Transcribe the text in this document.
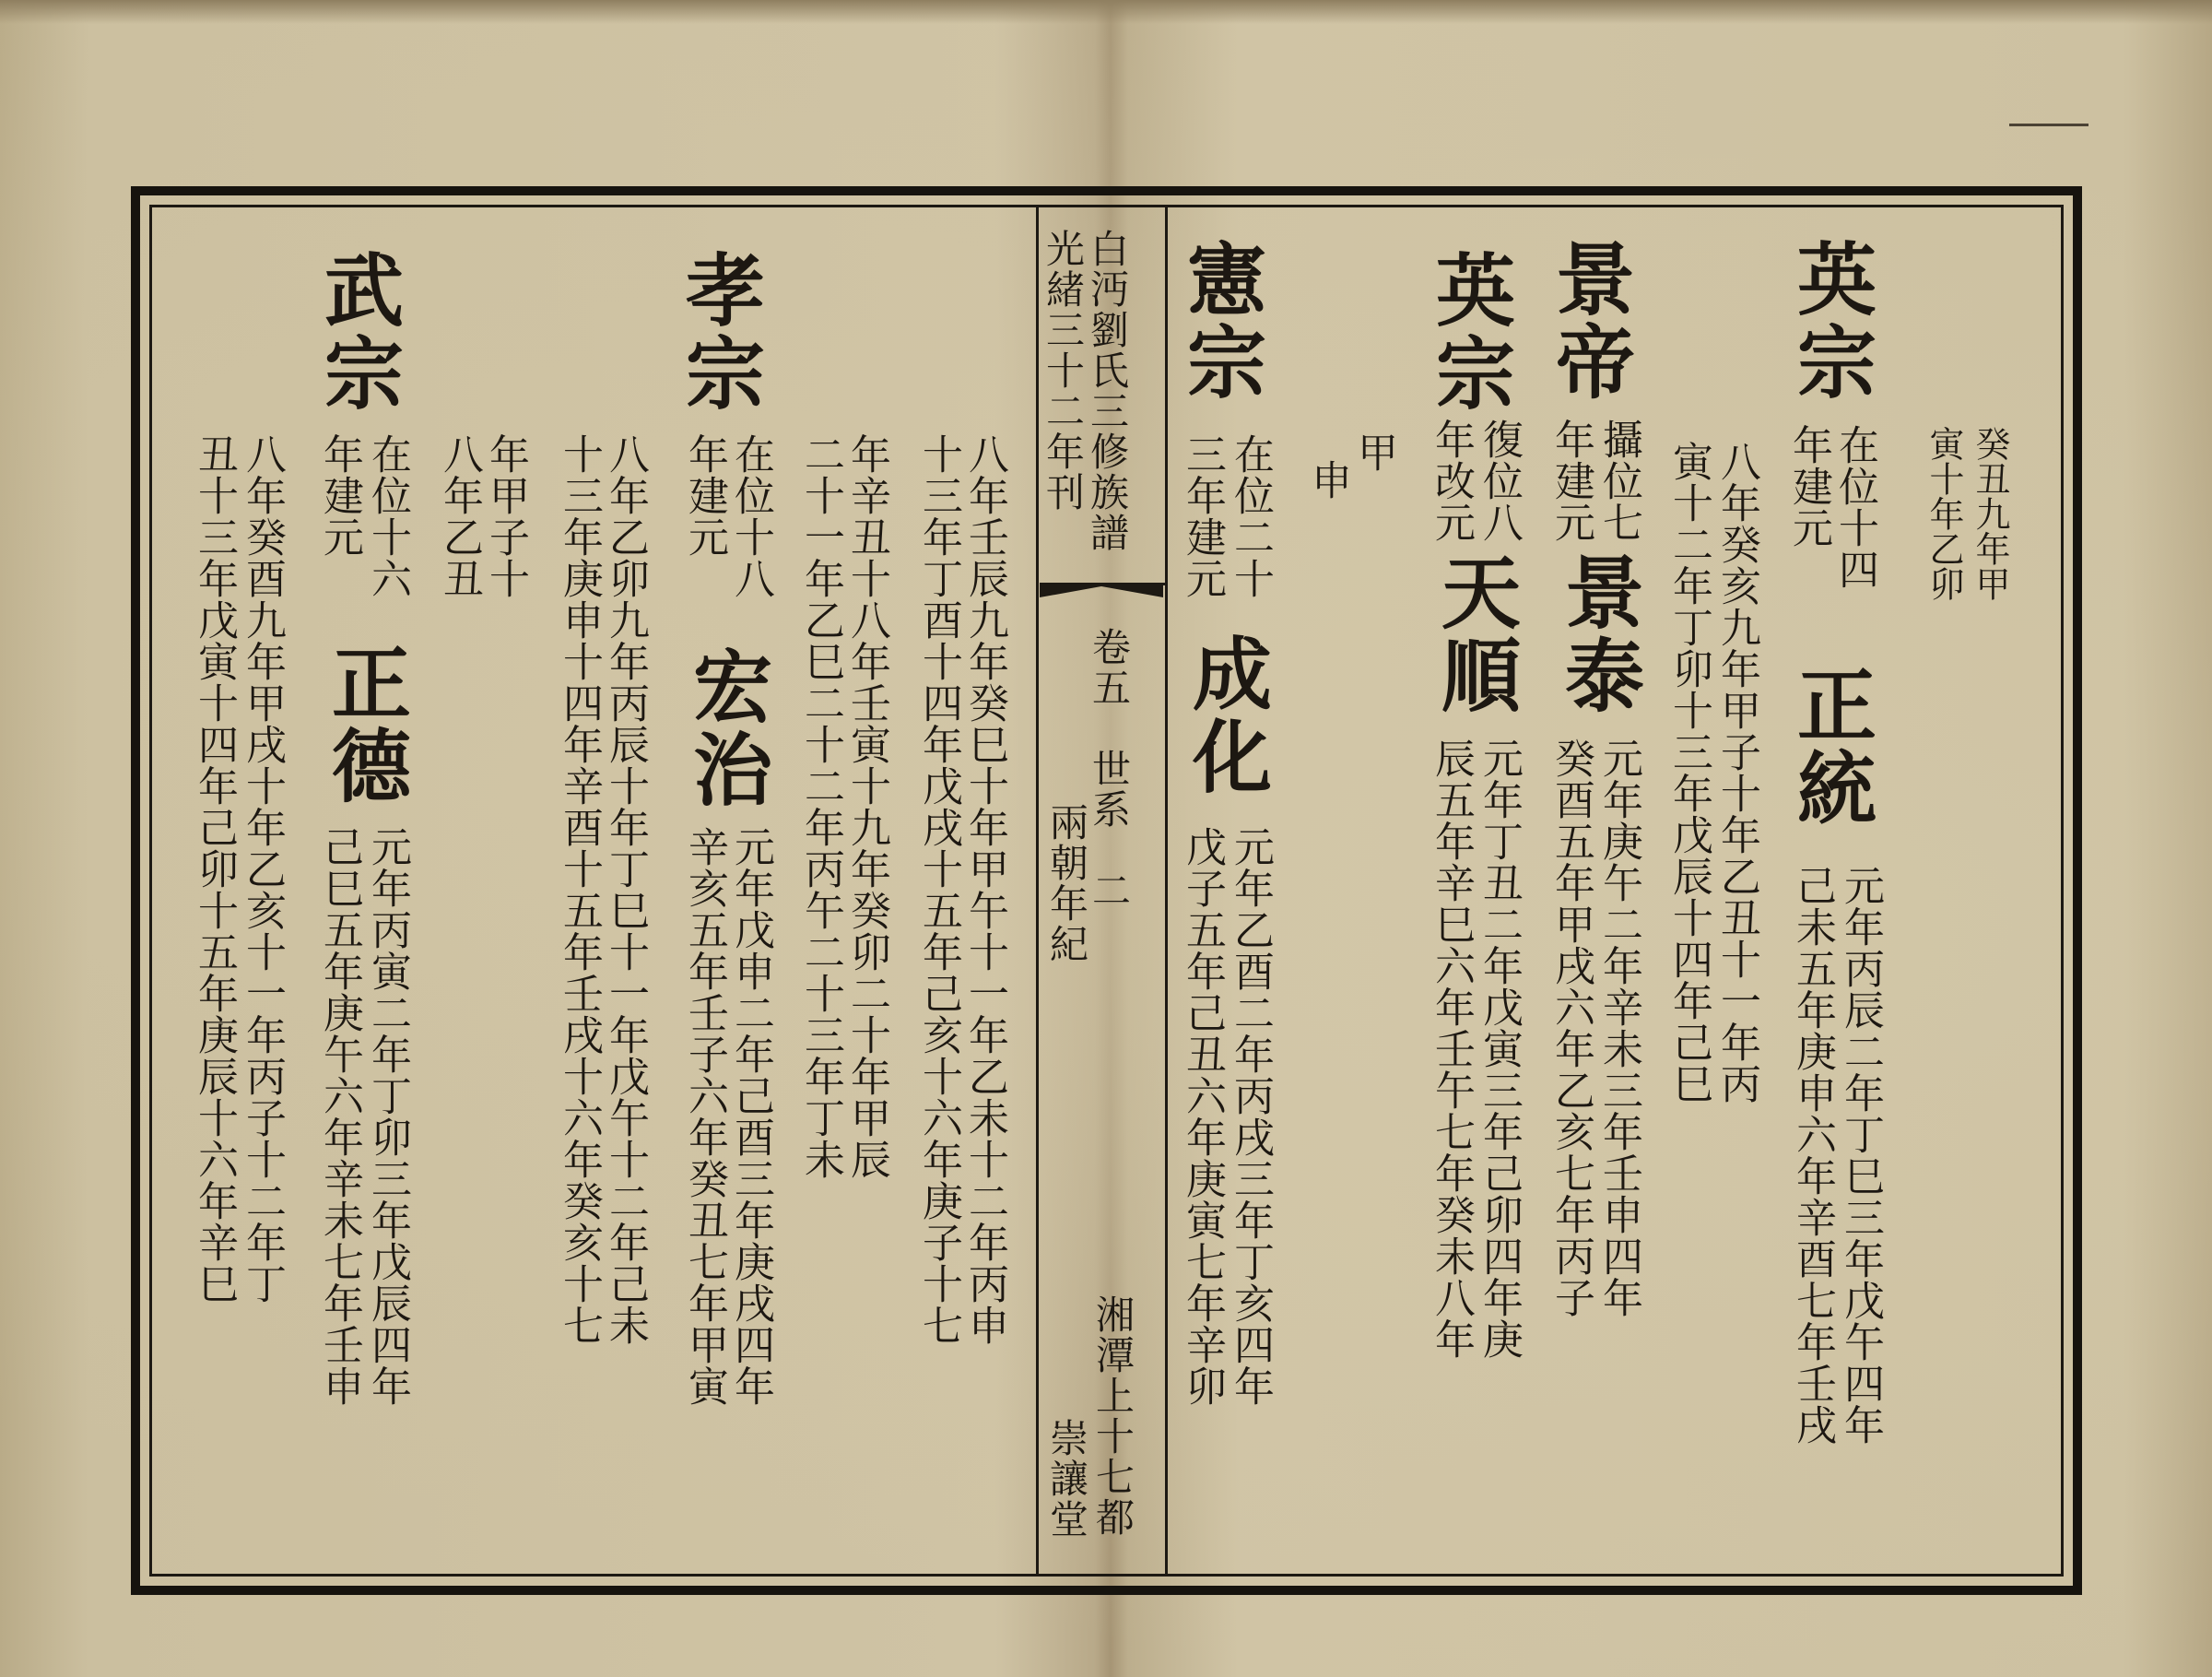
白沔劉氏三修族譜
光緒三十二年刊
卷五　世系　二
兩朝年紀
湘潭上十七都
崇讓堂
癸丑九年甲
寅十年乙卯
英宗
在位十四
年建元
正統
元年丙辰二年丁巳三年戊午四年
己未五年庚申六年辛酉七年壬戌
八年癸亥九年甲子十年乙丑十一年丙
寅十二年丁卯十三年戊辰十四年己巳
景帝
攝位七
年建元
景泰
元年庚午二年辛未三年壬申四年
癸酉五年甲戌六年乙亥七年丙子
英宗
復位八
年改元
天順
元年丁丑二年戊寅三年己卯四年庚
辰五年辛巳六年壬午七年癸未八年
甲
申
憲宗
在位二十
三年建元
成化
元年乙酉二年丙戌三年丁亥四年
戊子五年己丑六年庚寅七年辛卯
八年壬辰九年癸巳十年甲午十一年乙未十二年丙申
十三年丁酉十四年戊戌十五年己亥十六年庚子十七
年辛丑十八年壬寅十九年癸卯二十年甲辰
二十一年乙巳二十二年丙午二十三年丁未
孝宗
在位十八
年建元
宏治
元年戊申二年己酉三年庚戌四年
辛亥五年壬子六年癸丑七年甲寅
八年乙卯九年丙辰十年丁巳十一年戊午十二年己未
十三年庚申十四年辛酉十五年壬戌十六年癸亥十七
年甲子十
八年乙丑
武宗
在位十六
年建元
正德
元年丙寅二年丁卯三年戊辰四年
己巳五年庚午六年辛未七年壬申
八年癸酉九年甲戌十年乙亥十一年丙子十二年丁
丑十三年戊寅十四年己卯十五年庚辰十六年辛巳
